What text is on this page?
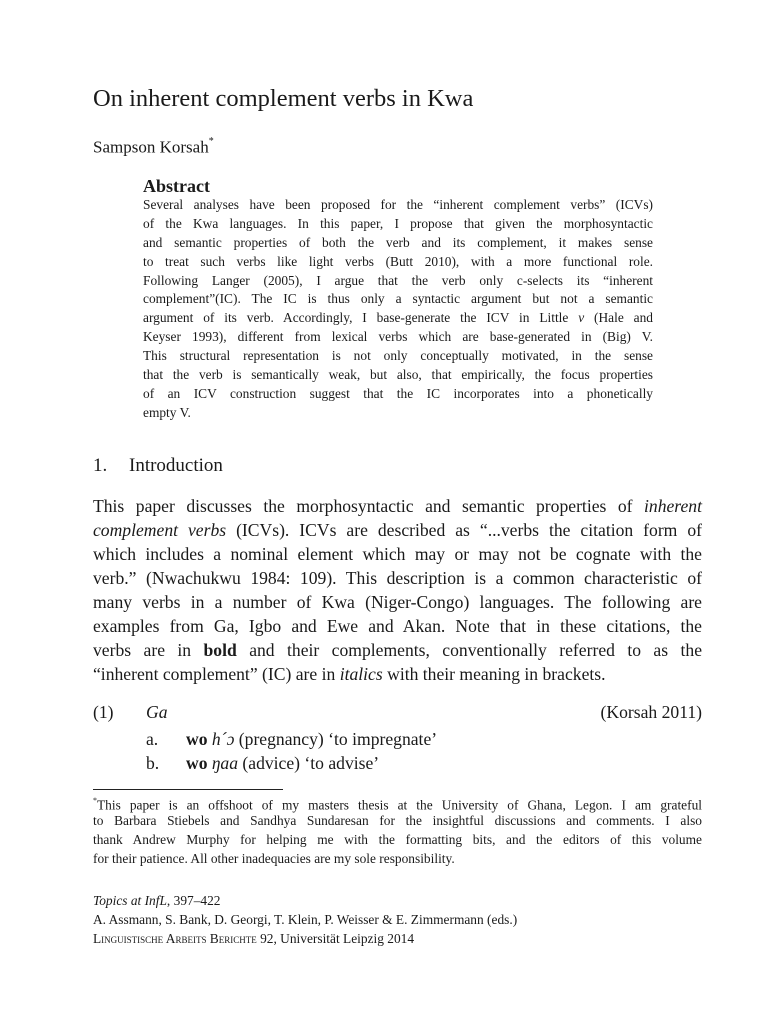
On inherent complement verbs in Kwa
Sampson Korsah*
Abstract
Several analyses have been proposed for the “inherent complement verbs” (ICVs)
of the Kwa languages. In this paper, I propose that given the morphosyntactic
and semantic properties of both the verb and its complement, it makes sense
to treat such verbs like light verbs (Butt 2010), with a more functional role.
Following Langer (2005), I argue that the verb only c-selects its “inherent
complement”(IC). The IC is thus only a syntactic argument but not a semantic
argument of its verb. Accordingly, I base-generate the ICV in Little v (Hale and
Keyser 1993), different from lexical verbs which are base-generated in (Big) V.
This structural representation is not only conceptually motivated, in the sense
that the verb is semantically weak, but also, that empirically, the focus properties
of an ICV construction suggest that the IC incorporates into a phonetically
empty V.
1. Introduction
This paper discusses the morphosyntactic and semantic properties of inherent
complement verbs (ICVs). ICVs are described as “...verbs the citation form of
which includes a nominal element which may or may not be cognate with the
verb.” (Nwachukwu 1984: 109). This description is a common characteristic of
many verbs in a number of Kwa (Niger-Congo) languages. The following are
examples from Ga, Igbo and Ewe and Akan. Note that in these citations, the
verbs are in bold and their complements, conventionally referred to as the
“inherent complement” (IC) are in italics with their meaning in brackets.
(1) Ga	(Korsah 2011)
a. wo h´ɔ (pregnancy) ‘to impregnate’
b. wo ŋaa (advice) ‘to advise’
*This paper is an offshoot of my masters thesis at the University of Ghana, Legon. I am grateful
to Barbara Stiebels and Sandhya Sundaresan for the insightful discussions and comments. I also
thank Andrew Murphy for helping me with the formatting bits, and the editors of this volume
for their patience. All other inadequacies are my sole responsibility.
Topics at InfL, 397–422
A. Assmann, S. Bank, D. Georgi, T. Klein, P. Weisser & E. Zimmermann (eds.)
Linguistische Arbeits Berichte 92, Universität Leipzig 2014
